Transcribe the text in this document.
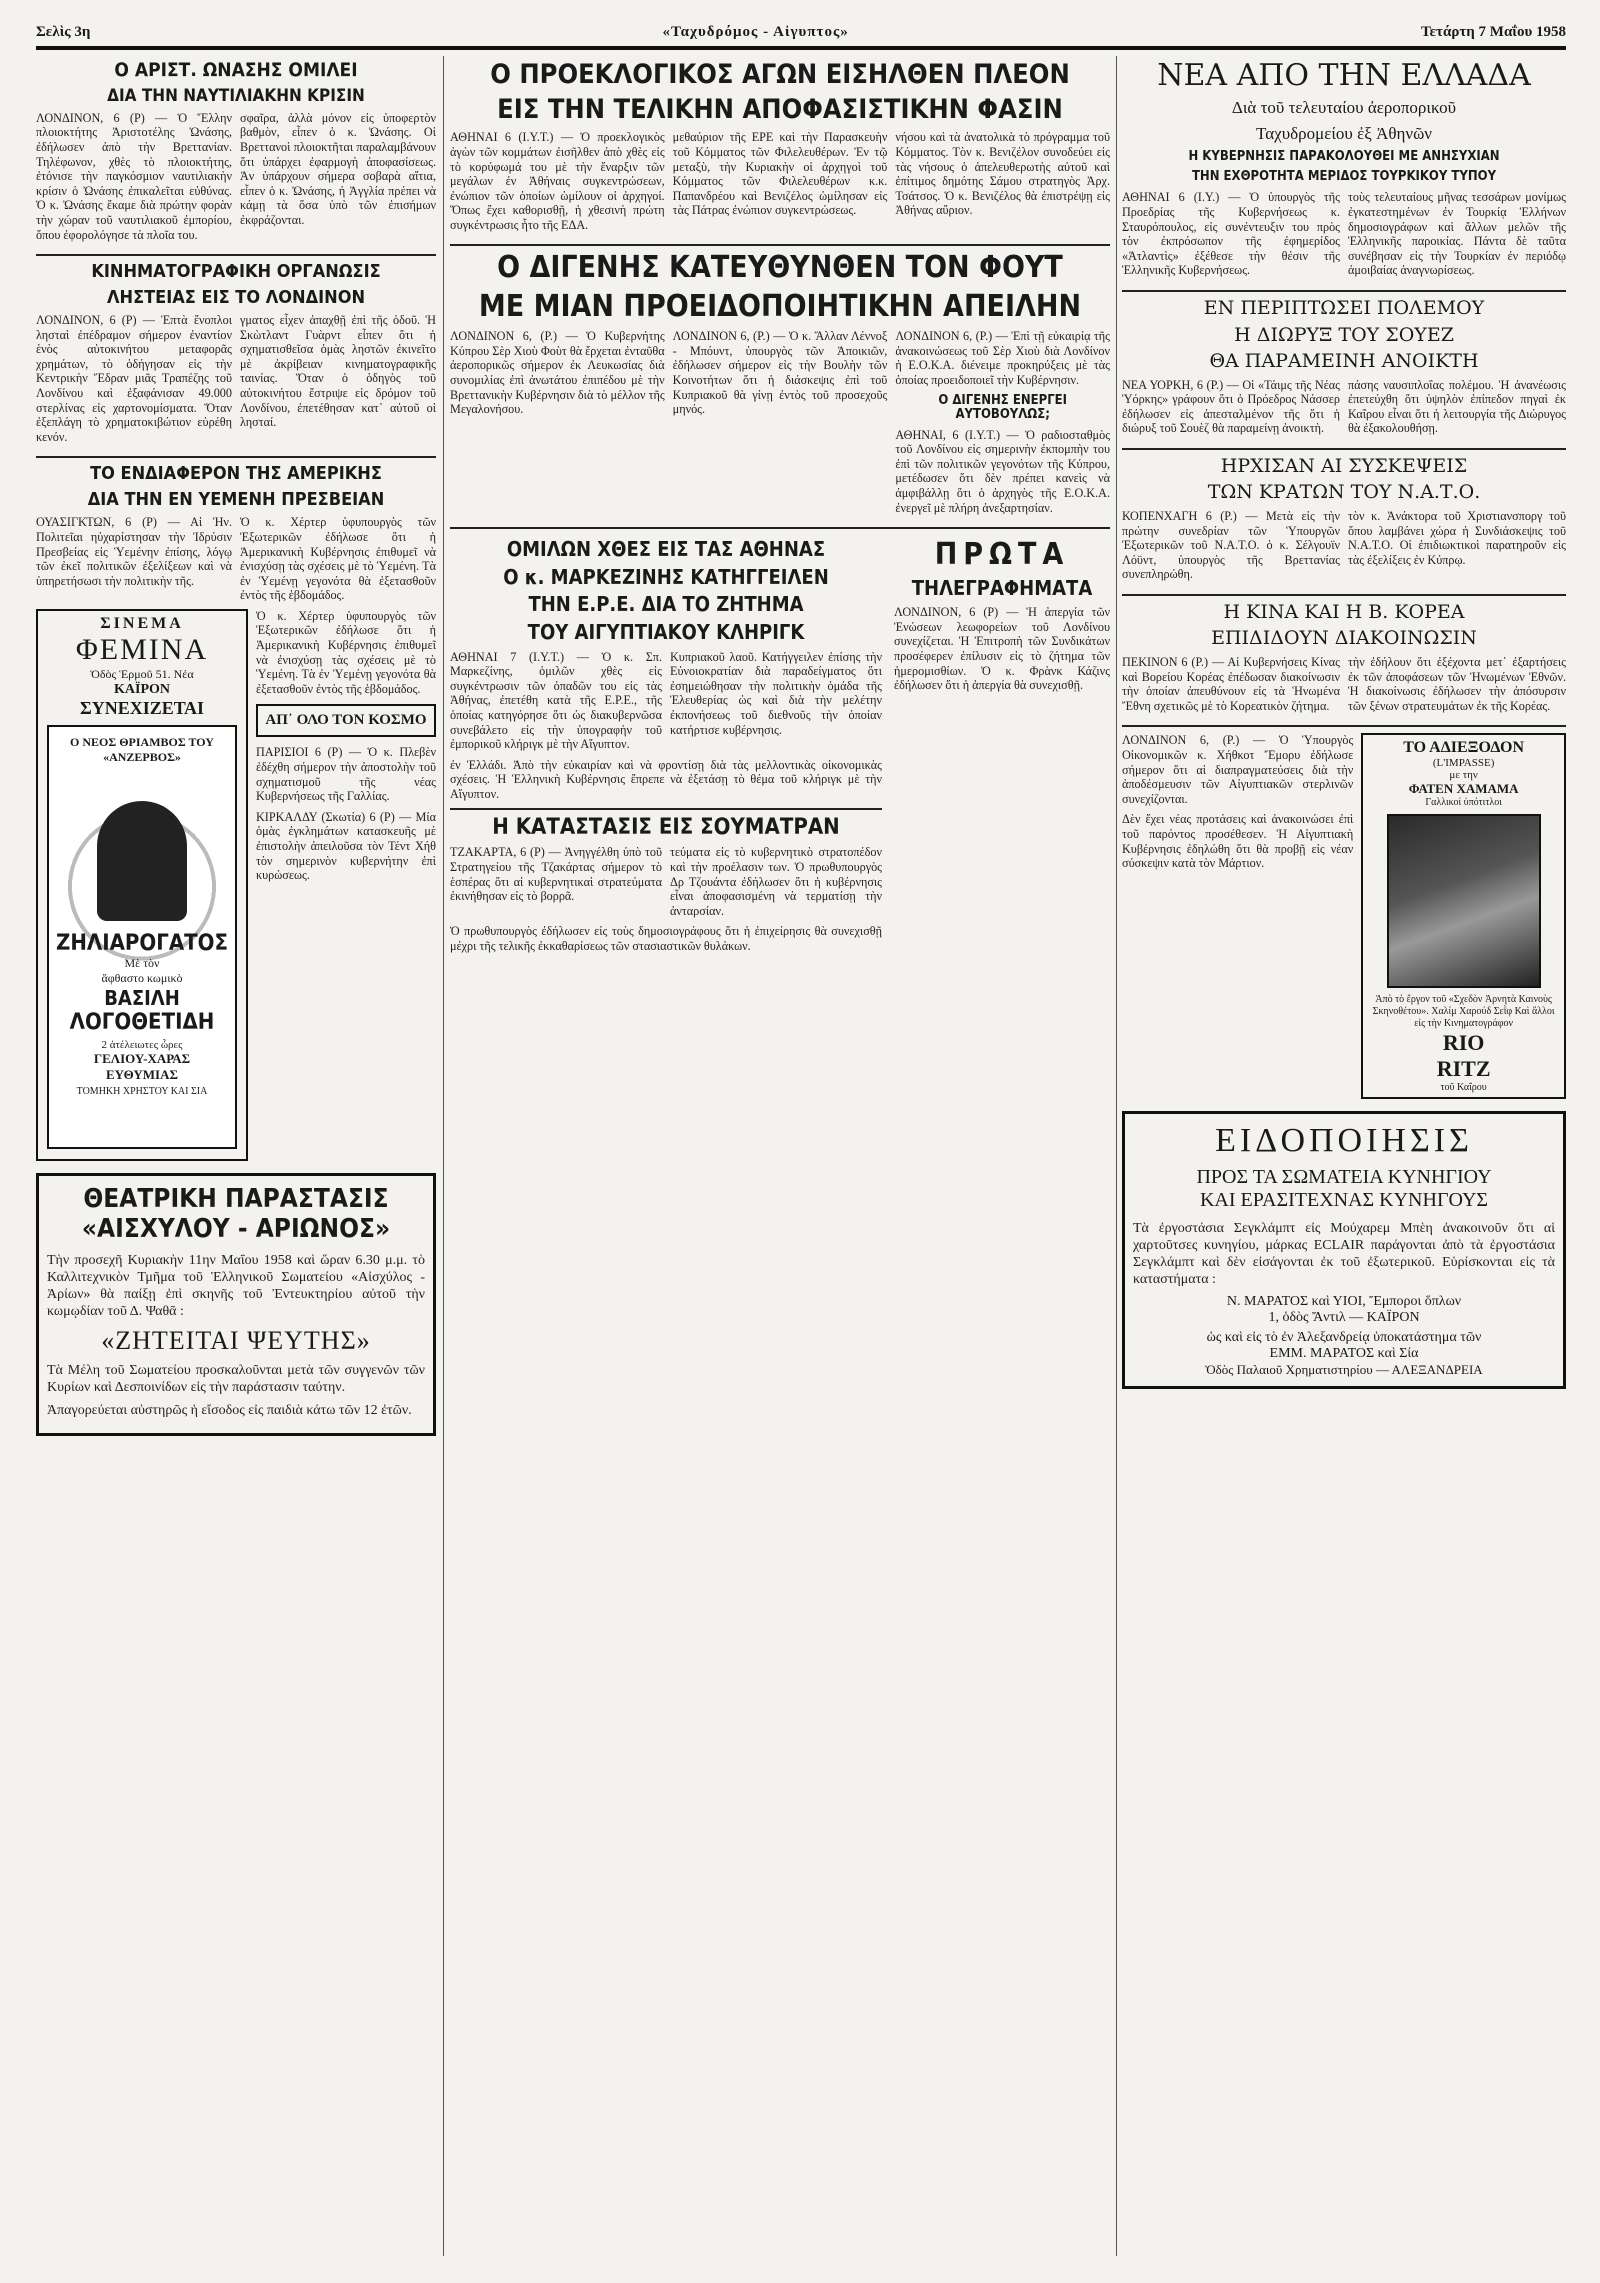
Σελὶς 3η	«Ταχυδρόμος - Αἰγυπτος»	Τετάρτη 7 Μαΐου 1958
Ο ΑΡΙΣΤ. ΩΝΑΣΗΣ ΟΜΙΛΕΙ
ΔΙΑ ΤΗΝ ΝΑΥΤΙΛΙΑΚΗΝ ΚΡΙΣΙΝ
ΛΟΝΔΙΝΟΝ, 6 (Ρ) — Ὁ Ἕλλην πλοιοκτήτης Ἀριστοτέλης Ὠνάσης, ἐδήλωσεν ἀπὸ τὴν Βρεττανίαν. Τηλέφωνον, χθὲς τὸ πλοιοκτήτης, ἐτόνισε τὴν παγκόσμιον ναυτιλιακὴν κρίσιν ὁ Ὠνάσης ἐπικαλεῖται εὐθύνας. Ὁ κ. Ὠνάσης ἔκαμε διὰ πρώτην φορὰν τὴν χώραν τοῦ ναυτιλιακοῦ ἐμπορίου, ὅπου ἐφορολόγησε τὰ πλοῖα του.
σφαῖρα, ἀλλὰ μόνον εἰς ὑποφερτὸν βαθμὸν, εἶπεν ὁ κ. Ὠνάσης. Οἱ Βρεττανοὶ πλοιοκτῆται παραλαμβάνουν ὅτι ὑπάρχει ἐφαρμογὴ ἀποφασίσεως. Ἀν ὑπάρχουν σήμερα σοβαρὰ αἴτια, εἶπεν ὁ κ. Ὠνάσης, ἡ Ἀγγλία πρέπει νὰ κάμῃ τὰ ὅσα ὑπὸ τῶν ἐπισήμων ἐκφράζονται.
ΚΙΝΗΜΑΤΟΓΡΑΦΙΚΗ ΟΡΓΑΝΩΣΙΣ
ΛΗΣΤΕΙΑΣ ΕΙΣ ΤΟ ΛΟΝΔΙΝΟΝ
ΛΟΝΔΙΝΟΝ, 6 (Ρ) — Ἑπτὰ ἔνοπλοι λησταὶ ἐπέδραμον σήμερον ἐναντίον ἑνὸς αὐτοκινήτου μεταφορᾶς χρημάτων, τὸ ὁδήγησαν εἰς τὴν Κεντρικὴν Ἕδραν μιᾶς Τραπέζης τοῦ Λονδίνου καὶ ἐξαφάνισαν 49.000 στερλίνας εἰς χαρτονομίσματα. Ὅταν ἐξεπλάγη τὸ χρηματοκιβώτιον εὑρέθη κενόν.
γματος εἶχεν ἀπαχθῇ ἐπὶ τῆς ὁδοῦ. Ἡ Σκὼτλαντ Γυὰρντ εἶπεν ὅτι ἡ σχηματισθεῖσα ὁμὰς ληστῶν ἐκινεῖτο μὲ ἀκρίβειαν κινηματογραφικῆς ταινίας. Ὅταν ὁ ὁδηγὸς τοῦ αὐτοκινήτου ἔστριψε εἰς δρόμον τοῦ Λονδίνου, ἐπετέθησαν κατ᾽ αὐτοῦ οἱ λησταί.
ΤΟ ΕΝΔΙΑΦΕΡΟΝ ΤΗΣ ΑΜΕΡΙΚΗΣ
ΔΙΑ ΤΗΝ ΕΝ ΥΕΜΕΝΗ ΠΡΕΣΒΕΙΑΝ
ΟΥΑΣΙΓΚΤΩΝ, 6 (Ρ) — Αἱ Ἡν. Πολιτεῖαι ηὐχαρίστησαν τὴν Ἰδρύσιν Πρεσβείας εἰς Ὑεμένην ἐπίσης, λόγῳ τῶν ἐκεῖ πολιτικῶν ἐξελίξεων καὶ νὰ ὑπηρετήσωσι τὴν πολιτικὴν τῆς.
Ὁ κ. Χέρτερ ὑφυπουργὸς τῶν Ἐξωτερικῶν ἐδήλωσε ὅτι ἡ Ἀμερικανικὴ Κυβέρνησις ἐπιθυμεῖ νὰ ἐνισχύσῃ τὰς σχέσεις μὲ τὸ Ὑεμένη. Τὰ ἐν Ὑεμένῃ γεγονότα θὰ ἐξετασθοῦν ἐντὸς τῆς ἑβδομάδος.
ΣΙΝΕΜΑ
ΦΕΜΙΝΑ
Ὁδὸς Ἑρμοῦ 51. Νέα
ΚΑΪΡΟΝ
ΣΥΝΕΧΙΖΕΤΑΙ
Ο ΝΕΟΣ ΘΡΙΑΜΒΟΣ ΤΟΥ «ΑΝΖΕΡΒΟΣ»
ΖΗΛΙΑΡΟΓΑΤΟΣ
Μὲ τὸν
ἄφθαστο κωμικὸ
ΒΑΣΙΛΗ
ΛΟΓΟΘΕΤΙΔΗ
2 ἀτέλειωτες ὧρες
ΓΕΛΙΟΥ-ΧΑΡΑΣ
ΕΥΘΥΜΙΑΣ
ΤΟΜΗΚΗ ΧΡΗΣΤΟΥ ΚΑΙ ΣΙΑ
Ὁ κ. Χέρτερ ὑφυπουργὸς τῶν Ἐξωτερικῶν ἐδήλωσε ὅτι ἡ Ἀμερικανικὴ Κυβέρνησις ἐπιθυμεῖ νὰ ἐνισχύσῃ τὰς σχέσεις μὲ τὸ Ὑεμένη. Τὰ ἐν Ὑεμένῃ γεγονότα θὰ ἐξετασθοῦν ἐντὸς τῆς ἑβδομάδος.
ΑΠ᾽ ΟΛΟ ΤΟΝ ΚΟΣΜΟ
ΠΑΡΙΣΙΟΙ 6 (Ρ) — Ὁ κ. Πλεβὲν ἐδέχθη σήμερον τὴν ἀποστολὴν τοῦ σχηματισμοῦ τῆς νέας Κυβερνήσεως τῆς Γαλλίας.
ΚΙΡΚΑΛΔΥ (Σκωτία) 6 (Ρ) — Μία ὁμὰς ἐγκλημάτων κατασκευῆς μὲ ἐπιστολὴν ἀπειλοῦσα τὸν Τέντ Χήθ τὸν σημερινὸν κυβερνήτην ἐπὶ κυρώσεως.
ΘΕΑΤΡΙΚΗ ΠΑΡΑΣΤΑΣΙΣ
«ΑΙΣΧΥΛΟΥ - ΑΡΙΩΝΟΣ»
Τὴν προσεχῆ Κυριακὴν 11ην Μαΐου 1958 καὶ ὥραν 6.30 μ.μ. τὸ Καλλιτεχνικὸν Τμῆμα τοῦ Ἑλληνικοῦ Σωματείου «Αἰσχύλος - Ἀρίων» θὰ παίξῃ ἐπὶ σκηνῆς τοῦ Ἐντευκτηρίου αὐτοῦ τὴν κωμῳδίαν τοῦ Δ. Ψαθᾶ :
«ΖΗΤΕΙΤΑΙ ΨΕΥΤΗΣ»
Τὰ Μέλη τοῦ Σωματείου προσκαλοῦνται μετὰ τῶν συγγενῶν τῶν Κυρίων καὶ Δεσποινίδων εἰς τὴν παράστασιν ταύτην.
Ἀπαγορεύεται αὐστηρῶς ἡ εἴσοδος εἰς παιδιὰ κάτω τῶν 12 ἐτῶν.
Ο ΠΡΟΕΚΛΟΓΙΚΟΣ ΑΓΩΝ ΕΙΣΗΛΘΕΝ ΠΛΕΟΝ
ΕΙΣ ΤΗΝ ΤΕΛΙΚΗΝ ΑΠΟΦΑΣΙΣΤΙΚΗΝ ΦΑΣΙΝ
ΑΘΗΝΑΙ 6 (Ι.Υ.Τ.) — Ὁ προεκλογικὸς ἀγὼν τῶν κομμάτων ἐισῆλθεν ἀπὸ χθὲς εἰς τὸ κορύφωμά του μὲ τὴν ἔναρξιν τῶν μεγάλων ἐν Ἀθήναις συγκεντρώσεων, ἐνώπιον τῶν ὁποίων ὡμίλουν οἱ ἀρχηγοί. Ὅπως ἔχει καθορισθῇ, ἡ χθεσινὴ πρώτη συγκέντρωσις ἦτο τῆς ΕΔΑ.
μεθαύριον τῆς ΕΡΕ καὶ τὴν Παρασκευὴν τοῦ Κόμματος τῶν Φιλελευθέρων. Ἐν τῷ μεταξὺ, τὴν Κυριακὴν οἱ ἀρχηγοὶ τοῦ Κόμματος τῶν Φιλελευθέρων κ.κ. Παπανδρέου καὶ Βενιζέλος ὡμίλησαν εἰς τὰς Πάτρας ἐνώπιον συγκεντρώσεως.
νήσου καὶ τὰ ἀνατολικὰ τὸ πρόγραμμα τοῦ Κόμματος. Τὸν κ. Βενιζέλον συνοδεύει εἰς τὰς νήσους ὁ ἀπελευθερωτὴς αὐτοῦ καὶ ἐπίτιμος δημότης Σάμου στρατηγὸς Ἀρχ. Τσάτσος. Ὁ κ. Βενιζέλος θὰ ἐπιστρέψῃ εἰς Ἀθήνας αὔριον.
Ο ΔΙΓΕΝΗΣ ΚΑΤΕΥΘΥΝΘΕΝ ΤΟΝ ΦΟΥΤ
ΜΕ ΜΙΑΝ ΠΡΟΕΙΔΟΠΟΙΗΤΙΚΗΝ ΑΠΕΙΛΗΝ
ΛΟΝΔΙΝΟΝ 6, (Ρ.) — Ὁ Κυβερνήτης Κύπρου Σὲρ Χιοὺ Φοὺτ θὰ ἔρχεται ἐνταῦθα ἀεροπορικῶς σήμερον ἐκ Λευκωσίας διὰ συνομιλίας ἐπὶ ἀνωτάτου ἐπιπέδου μὲ τὴν Βρεττανικὴν Κυβέρνησιν διὰ τὸ μέλλον τῆς Μεγαλονήσου.
ΛΟΝΔΙΝΟΝ 6, (Ρ.) — Ὁ κ. Ἄλλαν Λέννοξ - Μπόυντ, ὑπουργὸς τῶν Ἀποικιῶν, ἐδήλωσεν σήμερον εἰς τὴν Βουλὴν τῶν Κοινοτήτων ὅτι ἡ διάσκεψις ἐπὶ τοῦ Κυπριακοῦ θὰ γίνῃ ἐντὸς τοῦ προσεχοῦς μηνός.
ΛΟΝΔΙΝΟΝ 6, (Ρ.) — Ἐπὶ τῇ εὐκαιρίᾳ τῆς ἀνακοινώσεως τοῦ Σὲρ Χιοὺ διὰ Λονδίνον ἡ Ε.Ο.Κ.Α. διένειμε προκηρύξεις μὲ τὰς ὁποίας προειδοποιεῖ τὴν Κυβέρνησιν.
Ο ΔΙΓΕΝΗΣ ΕΝΕΡΓΕΙ ΑΥΤΟΒΟΥΛΩΣ;
ΑΘΗΝΑΙ, 6 (Ι.Υ.Τ.) — Ὁ ραδιοσταθμὸς τοῦ Λονδίνου εἰς σημερινὴν ἐκπομπὴν του ἐπὶ τῶν πολιτικῶν γεγονότων τῆς Κύπρου, μετέδωσεν ὅτι δὲν πρέπει κανεὶς νὰ ἀμφιβάλλῃ ὅτι ὁ ἀρχηγὸς τῆς Ε.Ο.Κ.Α. ἐνεργεῖ μὲ πλήρη ἀνεξαρτησίαν.
ΟΜΙΛΩΝ ΧΘΕΣ ΕΙΣ ΤΑΣ ΑΘΗΝΑΣ
Ο κ. ΜΑΡΚΕΖΙΝΗΣ ΚΑΤΗΓΓΕΙΛΕΝ
ΤΗΝ Ε.Ρ.Ε. ΔΙΑ ΤΟ ΖΗΤΗΜΑ
ΤΟΥ ΑΙΓΥΠΤΙΑΚΟΥ ΚΛΗΡΙΓΚ
ΑΘΗΝΑΙ 7 (Ι.Υ.Τ.) — Ὁ κ. Σπ. Μαρκεζίνης, ὁμιλῶν χθὲς εἰς συγκέντρωσιν τῶν ὀπαδῶν του εἰς τὰς Ἀθήνας, ἐπετέθη κατὰ τῆς Ε.Ρ.Ε., τῆς ὁποίας κατηγόρησε ὅτι ὡς διακυβερνῶσα συνεβάλετο εἰς τὴν ὑπογραφὴν τοῦ ἐμπορικοῦ κλήριγκ μὲ τὴν Αἴγυπτον.
Κυπριακοῦ λαοῦ. Κατήγγειλεν ἐπίσης τὴν Εὐνοιοκρατίαν διὰ παραδείγματος ὅτι ἐσημειώθησαν τὴν πολιτικὴν ὁμάδα τῆς Ἐλευθερίας ὡς καὶ διὰ τὴν μελέτην ἐκπονήσεως τοῦ διεθνοῦς τὴν ὁποίαν κατήρτισε κυβέρνησις.
ἐν Ἑλλάδι. Ἀπὸ τὴν εὐκαιρίαν καὶ νὰ φροντίσῃ διὰ τὰς μελλοντικὰς οἰκονομικὰς σχέσεις. Ἡ Ἑλληνικὴ Κυβέρνησις ἔπρεπε νὰ ἐξετάσῃ τὸ θέμα τοῦ κλήριγκ μὲ τὴν Αἴγυπτον.
Η ΚΑΤΑΣΤΑΣΙΣ ΕΙΣ ΣΟΥΜΑΤΡΑΝ
ΤΖΑΚΑΡΤΑ, 6 (Ρ) — Ἀνηγγέλθη ὑπὸ τοῦ Στρατηγείου τῆς Τζακάρτας σήμερον τὸ ἑσπέρας ὅτι αἱ κυβερνητικαὶ στρατεύματα ἐκινήθησαν εἰς τὸ βορρᾶ.
τεύματα εἰς τὸ κυβερνητικὸ στρατοπέδον καὶ τὴν προέλασιν των. Ὁ πρωθυπουργὸς Δρ Τζουάντα ἐδήλωσεν ὅτι ἡ κυβέρνησις εἶναι ἀποφασισμένη νὰ τερματίσῃ τὴν ἀνταρσίαν.
Ὁ πρωθυπουργὸς ἐδήλωσεν εἰς τοὺς δημοσιογράφους ὅτι ἡ ἐπιχείρησις θὰ συνεχισθῇ μέχρι τῆς τελικῆς ἐκκαθαρίσεως τῶν στασιαστικῶν θυλάκων.
ΠΡΩΤΑ
ΤΗΛΕΓΡΑΦΗΜΑΤΑ
ΛΟΝΔΙΝΟΝ, 6 (Ρ) — Ἡ ἀπεργία τῶν Ἐνώσεων λεωφορείων τοῦ Λονδίνου συνεχίζεται. Ἡ Ἐπιτροπὴ τῶν Συνδικάτων προσέφερεν ἐπίλυσιν εἰς τὸ ζήτημα τῶν ἡμερομισθίων. Ὁ κ. Φρὰνκ Κάζινς ἐδήλωσεν ὅτι ἡ ἀπεργία θὰ συνεχισθῇ.
ΝΕΑ ΑΠΟ ΤΗΝ ΕΛΛΑΔΑ
Διὰ τοῦ τελευταίου ἀεροπορικοῦ
Ταχυδρομείου ἐξ Ἀθηνῶν
Η ΚΥΒΕΡΝΗΣΙΣ ΠΑΡΑΚΟΛΟΥΘΕΙ ΜΕ ΑΝΗΣΥΧΙΑΝ
ΤΗΝ ΕΧΘΡΟΤΗΤΑ ΜΕΡΙΔΟΣ ΤΟΥΡΚΙΚΟΥ ΤΥΠΟΥ
ΑΘΗΝΑΙ 6 (Ι.Υ.) — Ὁ ὑπουργὸς τῆς Προεδρίας τῆς Κυβερνήσεως κ. Σταυρόπουλος, εἰς συνέντευξιν του πρὸς τὸν ἐκπρόσωπον τῆς ἐφημερίδος «Ἀτλαντὶς» ἐξέθεσε τὴν θέσιν τῆς Ἑλληνικῆς Κυβερνήσεως.
τοὺς τελευταίους μῆνας τεσσάρων μονίμως ἐγκατεστημένων ἐν Τουρκίᾳ Ἑλλήνων δημοσιογράφων καὶ ἄλλων μελῶν τῆς Ἑλληνικῆς παροικίας. Πάντα δὲ ταῦτα συνέβησαν εἰς τὴν Τουρκίαν ἐν περιόδῳ ἀμοιβαίας ἀναγνωρίσεως.
ΕΝ ΠΕΡΙΠΤΩΣΕΙ ΠΟΛΕΜΟΥ
Η ΔΙΩΡΥΞ ΤΟΥ ΣΟΥΕΖ
ΘΑ ΠΑΡΑΜΕΙΝΗ ΑΝΟΙΚΤΗ
ΝΕΑ ΥΟΡΚΗ, 6 (Ρ.) — Οἱ «Τάιμς τῆς Νέας Ὑόρκης» γράφουν ὅτι ὁ Πρόεδρος Νάσσερ ἐδήλωσεν εἰς ἀπεσταλμένον τῆς ὅτι ἡ διώρυξ τοῦ Σουὲζ θὰ παραμείνῃ ἀνοικτὴ.
πάσης ναυσιπλοΐας πολέμου. Ἡ ἀνανέωσις ἐπετεύχθη ὅτι ὑψηλὸν ἐπίπεδον πηγαὶ ἐκ Καΐρου εἶναι ὅτι ἡ λειτουργία τῆς Διώρυγος θὰ ἐξακολουθήσῃ.
ΗΡΧΙΣΑΝ ΑΙ ΣΥΣΚΕΨΕΙΣ
ΤΩΝ ΚΡΑΤΩΝ ΤΟΥ Ν.Α.Τ.Ο.
ΚΟΠΕΝΧΑΓΗ 6 (Ρ.) — Μετὰ εἰς τὴν πρώτην συνεδρίαν τῶν Ὑπουργῶν Ἐξωτερικῶν τοῦ Ν.Α.Τ.Ο. ὁ κ. Σέλγουϊν Λόϋντ, ὑπουργὸς τῆς Βρεττανίας συνεπληρώθη.
τὸν κ. Ἀνάκτορα τοῦ Χριστιανσποργ τοῦ ὅπου λαμβάνει χώρα ἡ Συνδιάσκεψις τοῦ Ν.Α.Τ.Ο. Οἱ ἐπιδιωκτικοὶ παρατηροῦν εἰς τὰς ἐξελίξεις ἐν Κύπρῳ.
Η ΚΙΝΑ ΚΑΙ Η Β. ΚΟΡΕΑ
ΕΠΙΔΙΔΟΥΝ ΔΙΑΚΟΙΝΩΣΙΝ
ΠΕΚΙΝΟΝ 6 (Ρ.) — Αἱ Κυβερνήσεις Κίνας καὶ Βορείου Κορέας ἐπέδωσαν διακοίνωσιν τὴν ὁποίαν ἀπευθύνουν εἰς τὰ Ἡνωμένα Ἔθνη σχετικῶς μὲ τὸ Κορεατικὸν ζήτημα.
τὴν ἐδήλουν ὅτι ἐξέχοντα μετ᾽ ἐξαρτήσεις ἐκ τῶν ἀποφάσεων τῶν Ἡνωμένων Ἐθνῶν. Ἡ διακοίνωσις ἐδήλωσεν τὴν ἀπόσυρσιν τῶν ξένων στρατευμάτων ἐκ τῆς Κορέας.

ΛΟΝΔΙΝΟΝ 6, (Ρ.) — Ὁ Ὑπουργὸς Οἰκονομικῶν κ. Χήθκοτ Ἔμορυ ἐδήλωσε σήμερον ὅτι αἱ διαπραγματεύσεις διὰ τὴν ἀποδέσμευσιν τῶν Αἰγυπτιακῶν στερλινῶν συνεχίζονται.

Δὲν ἔχει νέας προτάσεις καὶ ἀνακοινώσει ἐπὶ τοῦ παρόντος προσέθεσεν. Ἡ Αἰγυπτιακὴ Κυβέρνησις ἐδηλώθη ὅτι θὰ προβῇ εἰς νέαν σύσκεψιν κατὰ τὸν Μάρτιον.

ΤΟ ΑΔΙΕΞΟΔΟΝ
(L'IMPASSE)
με την
ΦΑΤΕΝ ΧΑΜΑΜΑ
Γαλλικοί ὑπότιτλοι
Ἀπὸ τὸ ἔργον τοῦ «Σχεδὸν Ἀρνητὰ Καινοὺς Σκηνοθέτου». Χαλίμ Χαρούδ Σεῒφ Καὶ ἄλλοι εἰς τὴν Κινηματογράφον
RIO
RITZ
τοῦ Καΐρου
ΕΙΔΟΠΟΙΗΣΙΣ
ΠΡΟΣ ΤΑ ΣΩΜΑΤΕΙΑ ΚΥΝΗΓΙΟΥ
ΚΑΙ ΕΡΑΣΙΤΕΧΝΑΣ ΚΥΝΗΓΟΥΣ
Τὰ ἐργοστάσια Σεγκλάμπτ εἰς Μούχαρεμ Μπὲη ἀνακοινοῦν ὅτι αἱ χαρτοῦτσες κυνηγίου, μάρκας ECLAIR παράγονται ἀπὸ τὰ ἐργοστάσια Σεγκλάμπτ καὶ δὲν εἰσάγονται ἐκ τοῦ ἐξωτερικοῦ. Εὑρίσκονται εἰς τὰ καταστήματα :
Ν. ΜΑΡΑΤΟΣ καὶ ΥΙΟΙ, Ἔμποροι ὅπλων
1, ὁδὸς Ἄντιλ — ΚΑΪΡΟΝ
ὡς καὶ εἰς τὸ ἐν Ἀλεξανδρείᾳ ὑποκατάστημα τῶν
ΕΜΜ. ΜΑΡΑΤΟΣ καὶ Σία
Ὁδὸς Παλαιοῦ Χρηματιστηρίου — ΑΛΕΞΑΝΔΡΕΙΑ
